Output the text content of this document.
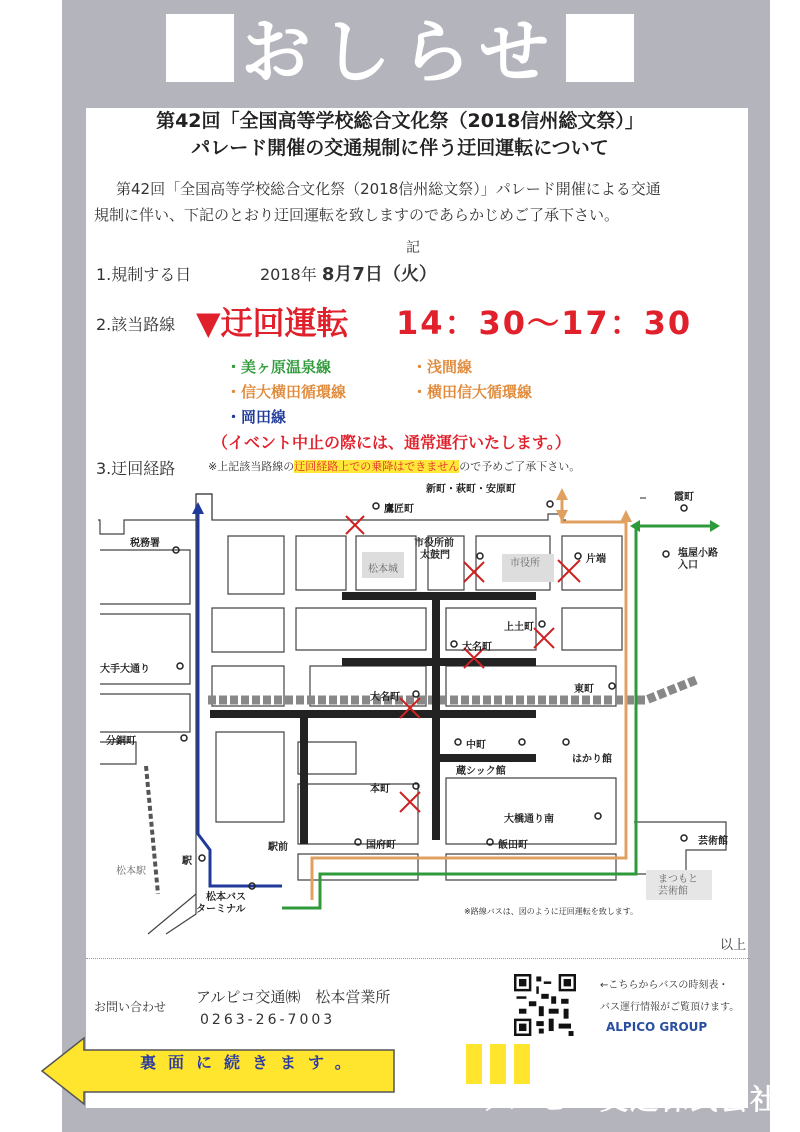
おしらせ
第42回「全国高等学校総合文化祭（2018信州総文祭）」
パレード開催の交通規制に伴う迂回運転について
第42回「全国高等学校総合文化祭（2018信州総文祭）」パレード開催による交通
規制に伴い、下記のとおり迂回運転を致しますのであらかじめご了承下さい。
記
1.規制する日	2018年 8月7日（火）
2.該当路線 ▼迂回運転 14：30〜17：30
・美ヶ原温泉線	・浅間線
・信大横田循環線	・横田信大循環線
・岡田線
（イベント中止の際には、通常運行いたします。）
3.迂回経路	※上記該当路線の迂回経路上での乗降はできませんので予めご了承下さい。
新町・萩町・安原町
鷹匠町
市役所前
太鼓門
松本城
市役所	片端
上土町
大名町
大名町
東町
中町
はかり館
蔵シック館
本町
大橋通り南
国府町	飯田町
駅前
駅
松本駅
松本バス
ターミナル
税務署
大手大通り
分銅町
霞町
塩屋小路
入口
芸術館
まつもと
芸術館
※路線バスは、図のように迂回運転を致します。
以上
お問い合わせ
アルピコ交通㈱　松本営業所
0263-26-7003
←こちらからバスの時刻表・
バス運行情報がご覧頂けます。
ALPICO GROUP
裏面に続きます。
アルピコ交通株式会社
